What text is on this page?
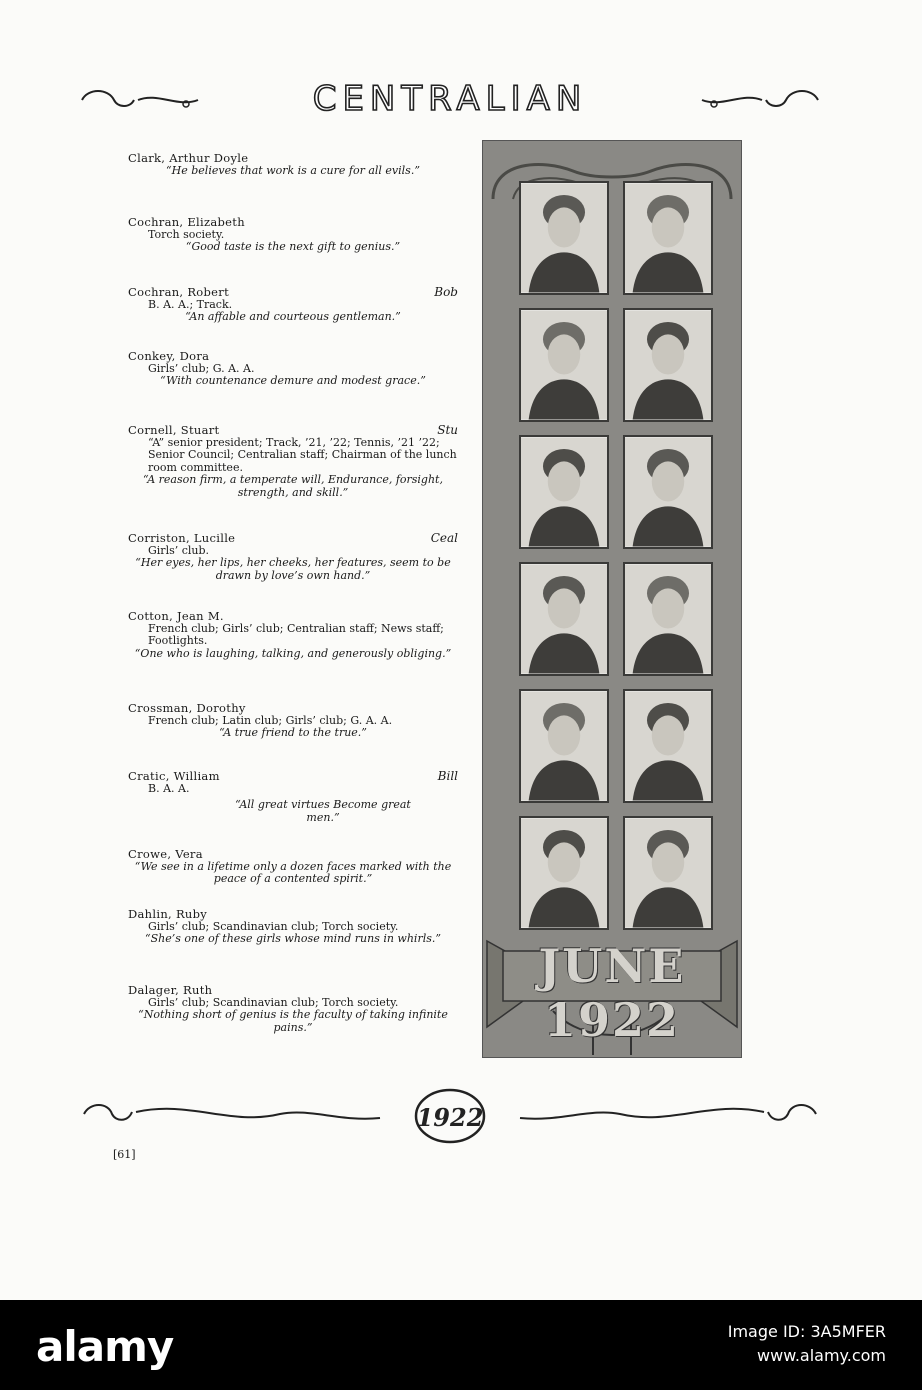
CENTRALIAN
Clark, Arthur Doyle
“He believes that work is a cure for all evils.”
Cochran, Elizabeth
Torch society.
“Good taste is the next gift to genius.”
Cochran, Robert	Bob
B. A. A.; Track.
“An affable and courteous gentleman.”
Conkey, Dora
Girls’ club; G. A. A.
“With countenance demure and modest grace.”
Cornell, Stuart	Stu
“A” senior president; Track, ’21, ’22; Tennis, ’21 ’22; Senior Council; Centralian staff; Chairman of the lunch room committee.
“A reason firm, a temperate will, Endurance, forsight, strength, and skill.”
Corriston, Lucille	Ceal
Girls’ club.
“Her eyes, her lips, her cheeks, her features, seem to be drawn by love’s own hand.”
Cotton, Jean M.
French club; Girls’ club; Centralian staff; News staff; Footlights.
“One who is laughing, talking, and generously obliging.”
Crossman, Dorothy
French club; Latin club; Girls’ club; G. A. A.
“A true friend to the true.”
Cratic, William	Bill
B. A. A.
“All great virtues Become great men.”
Crowe, Vera
“We see in a lifetime only a dozen faces marked with the peace of a contented spirit.”
Dahlin, Ruby
Girls’ club; Scandinavian club; Torch society.
“She’s one of these girls whose mind runs in whirls.”
Dalager, Ruth
Girls’ club; Scandinavian club; Torch society.
“Nothing short of genius is the faculty of taking infinite pains.”
JUNE 1922
1922
[61]
alamy	Image ID: 3A5MFER
www.alamy.com
